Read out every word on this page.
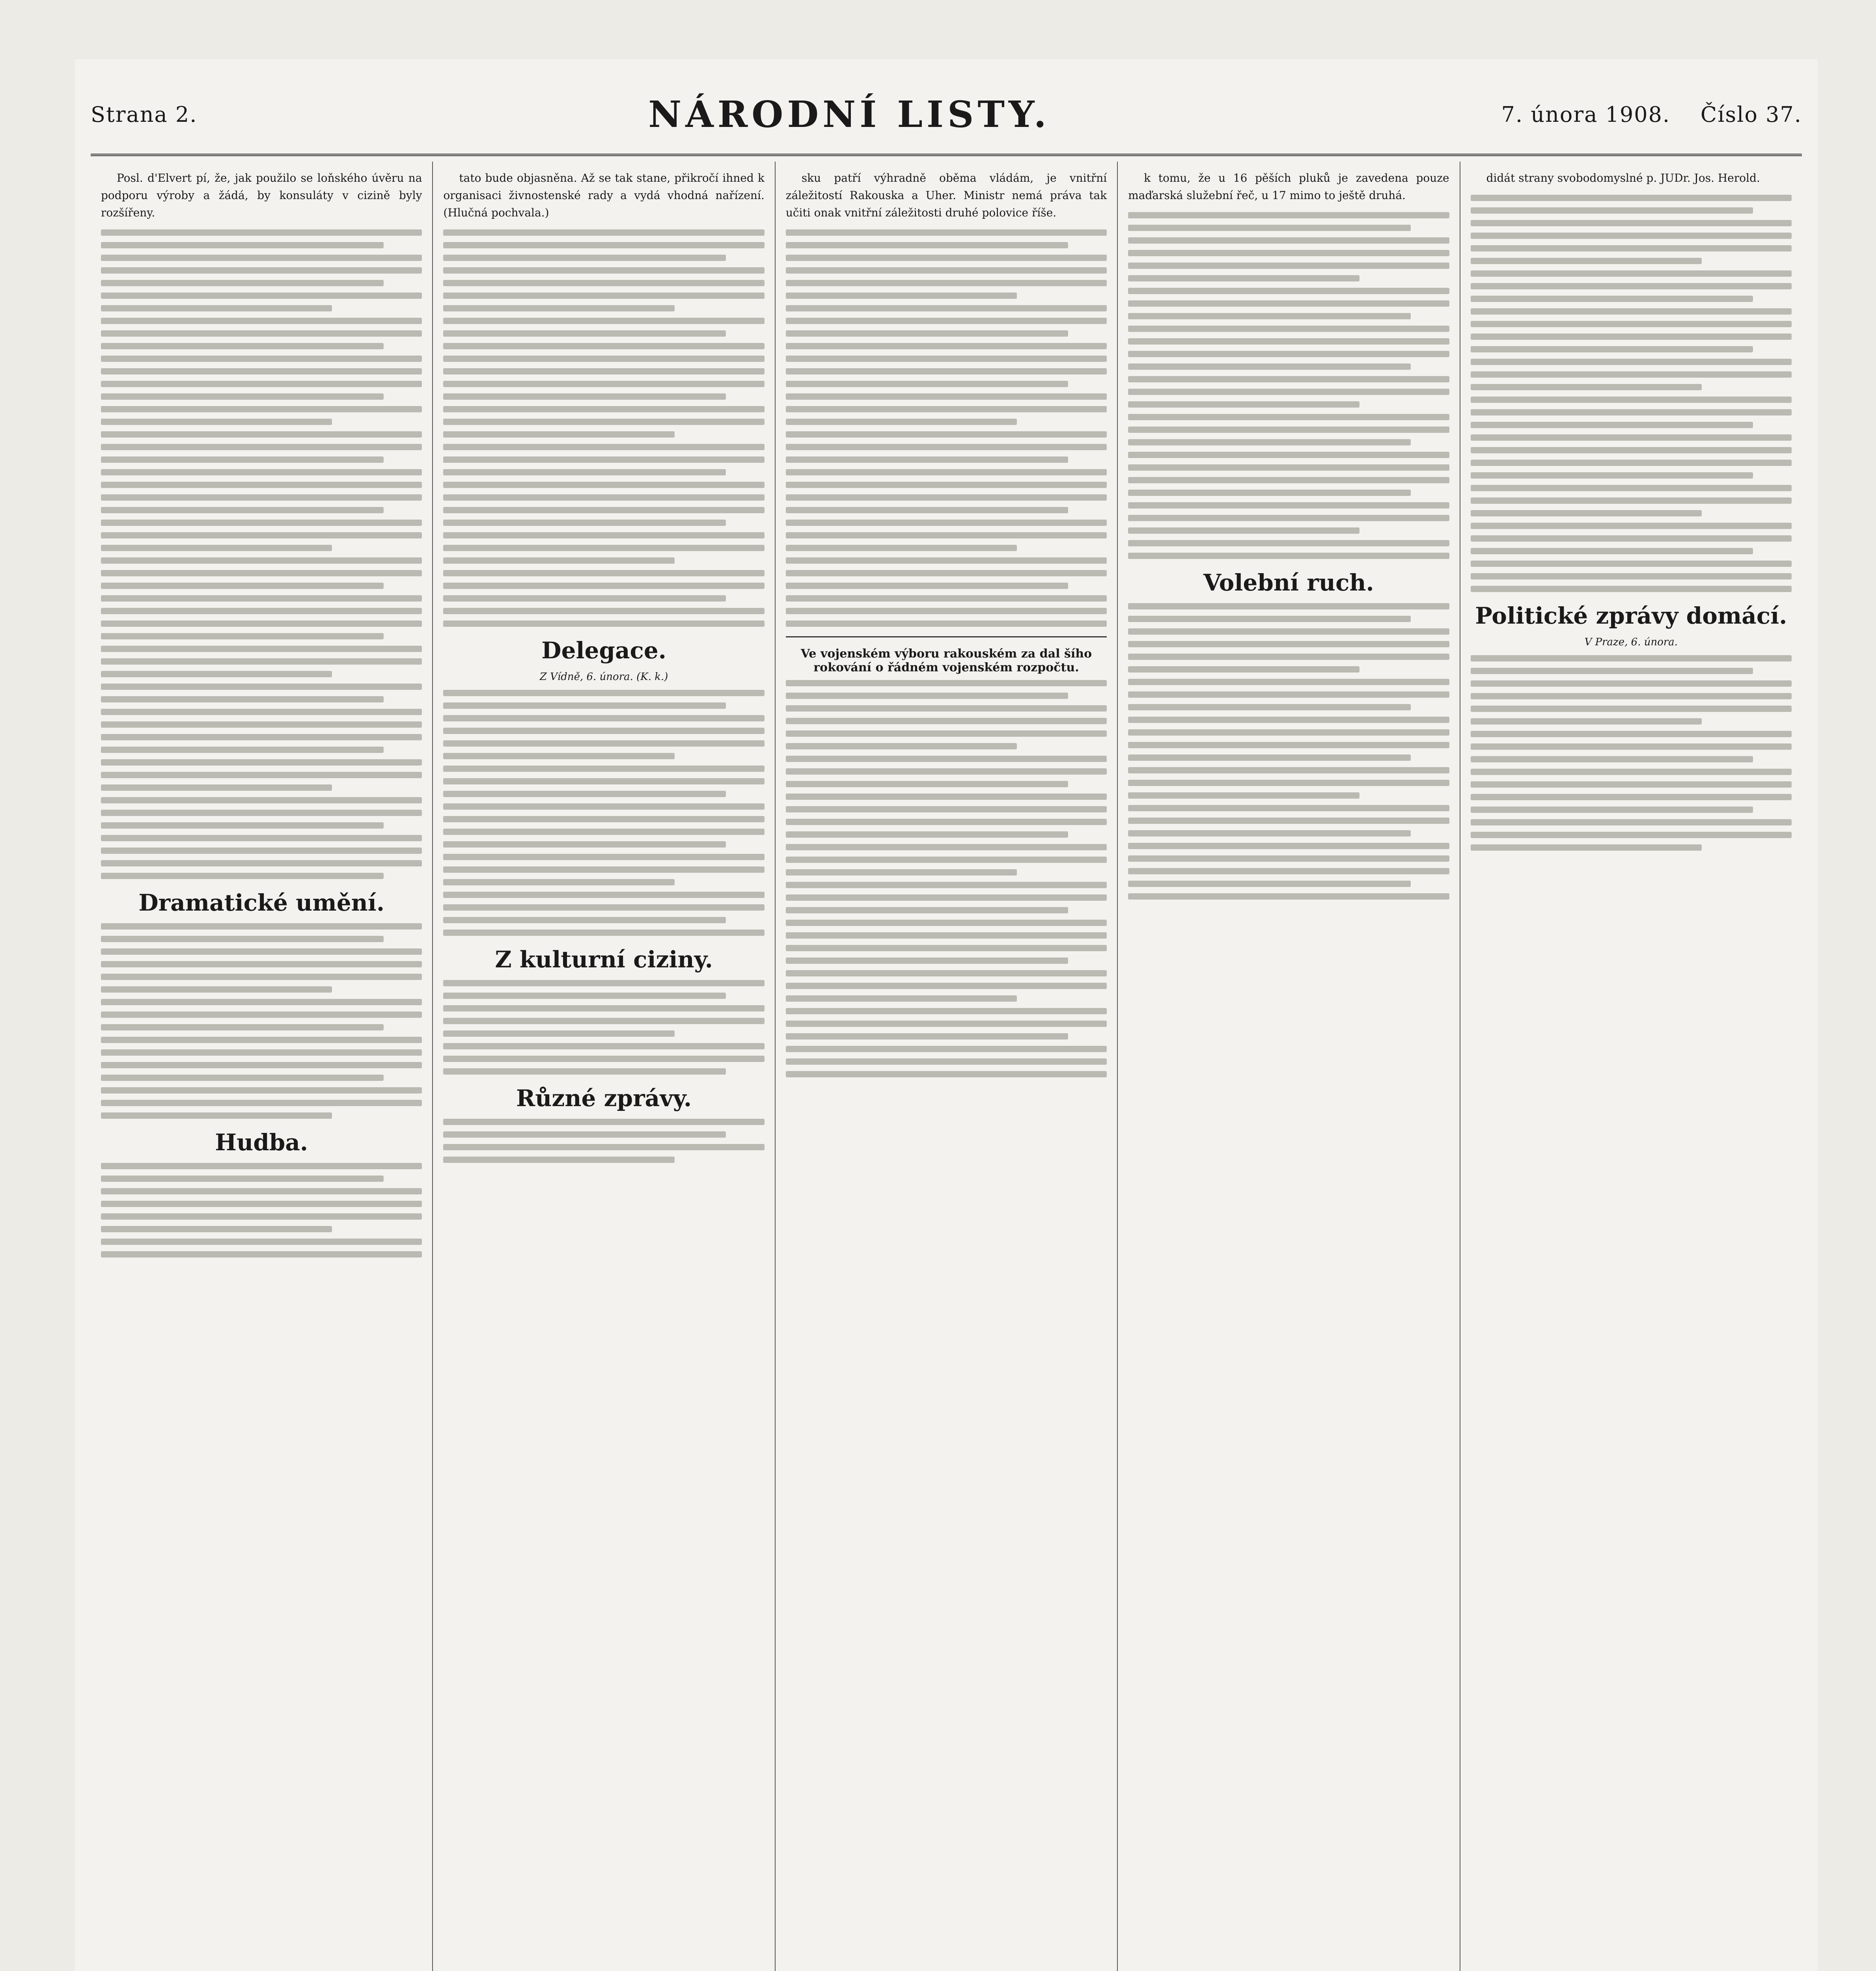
Strana 2.	NÁRODNÍ LISTY.	7. února 1908. Číslo 37.

Posl. d'Elvert pí, že, jak použilo se loňského úvěru na podporu výroby a žádá, by konsuláty v cizině byly rozšířeny.

Dramatické umění.
Hudba.

tato bude objasněna. Až se tak stane, přikročí ihned k organisaci živnostenské rady a vydá vhodná nařízení. (Hlučná pochvala.)

Delegace.
Z Vídně, 6. února. (K. k.)
Z kulturní ciziny.
Různé zprávy.

sku patří výhradně oběma vládám, je vnitřní záležitostí Rakouska a Uher. Ministr nemá práva tak učiti onak vnitřní záležitosti druhé polovice říše.

Ve vojenském výboru rakouském za dal šího rokování o řádném vojenském rozpočtu.

k tomu, že u 16 pěších pluků je zavedena pouze maďarská služební řeč, u 17 mimo to ještě druhá.

Volební ruch.

didát strany svobodomyslné p. JUDr. Jos. Herold.

Politické zprávy domácí.
V Praze, 6. února.
